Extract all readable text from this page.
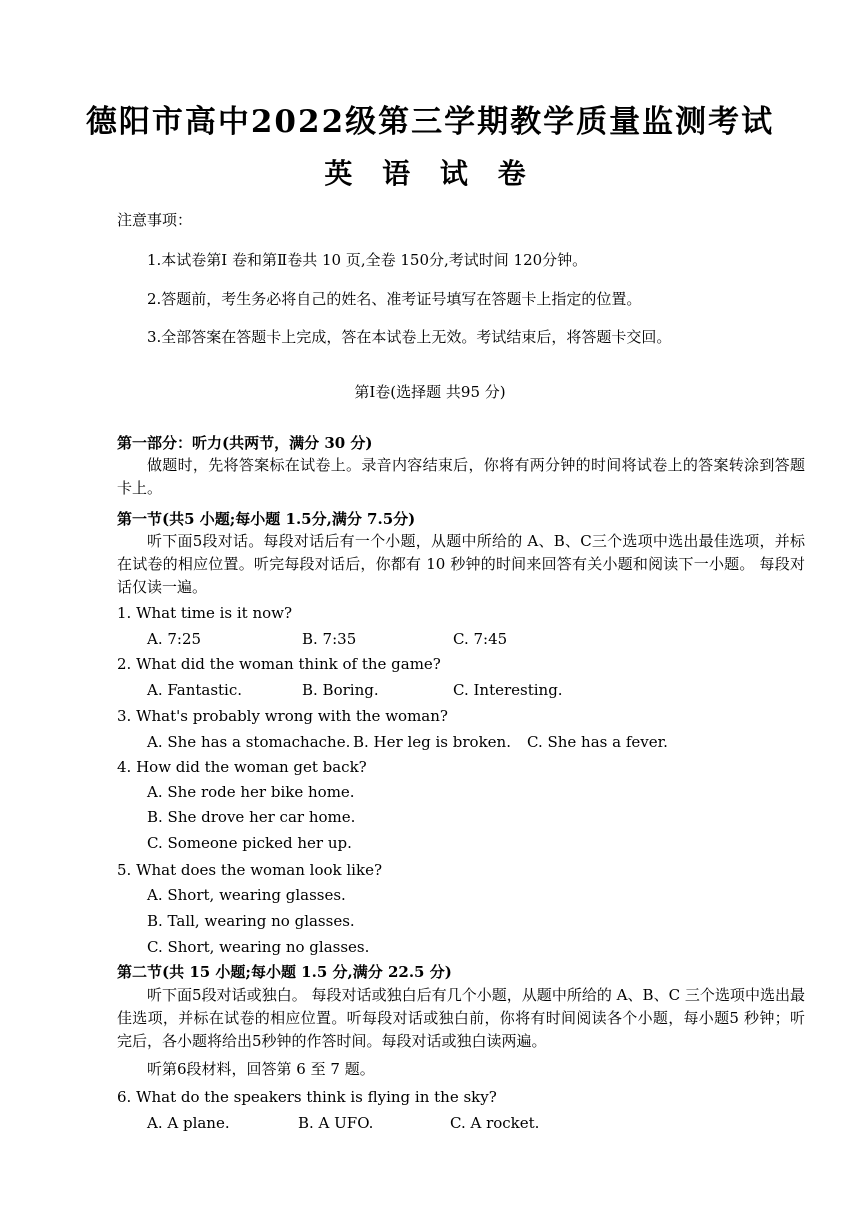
德阳市高中2022级第三学期教学质量监测考试
英 语 试 卷
注意事项：
1.本试卷第Ⅰ 卷和第Ⅱ卷共 10 页,全卷 150分,考试时间 120分钟。
2.答题前，考生务必将自己的姓名、准考证号填写在答题卡上指定的位置。
3.全部答案在答题卡上完成，答在本试卷上无效。考试结束后，将答题卡交回。
第Ⅰ卷(选择题 共95 分)
第一部分：听力(共两节，满分 30 分)
做题时，先将答案标在试卷上。录音内容结束后，你将有两分钟的时间将试卷上的答案转涂到答题卡上。
第一节(共5 小题;每小题 1.5分,满分 7.5分)
听下面5段对话。每段对话后有一个小题，从题中所给的 A、B、C三个选项中选出最佳选项，并标在试卷的相应位置。听完每段对话后，你都有 10 秒钟的时间来回答有关小题和阅读下一小题。 每段对话仅读一遍。
1. What time is it now?
A. 7:25	B. 7:35	C. 7:45
2. What did the woman think of the game?
A. Fantastic.	B. Boring.	C. Interesting.
3. What's probably wrong with the woman?
A. She has a stomachache. B. Her leg is broken. C. She has a fever.
4. How did the woman get back?
A. She rode her bike home.
B. She drove her car home.
C. Someone picked her up.
5. What does the woman look like?
A. Short, wearing glasses.
B. Tall, wearing no glasses.
C. Short, wearing no glasses.
第二节(共 15 小题;每小题 1.5 分,满分 22.5 分)
听下面5段对话或独白。 每段对话或独白后有几个小题，从题中所给的 A、B、C 三个选项中选出最佳选项，并标在试卷的相应位置。听每段对话或独白前，你将有时间阅读各个小题，每小题5 秒钟；听完后，各小题将给出5秒钟的作答时间。每段对话或独白读两遍。
听第6段材料，回答第 6 至 7 题。
6. What do the speakers think is flying in the sky?
A. A plane.	B. A UFO.	C. A rocket.
